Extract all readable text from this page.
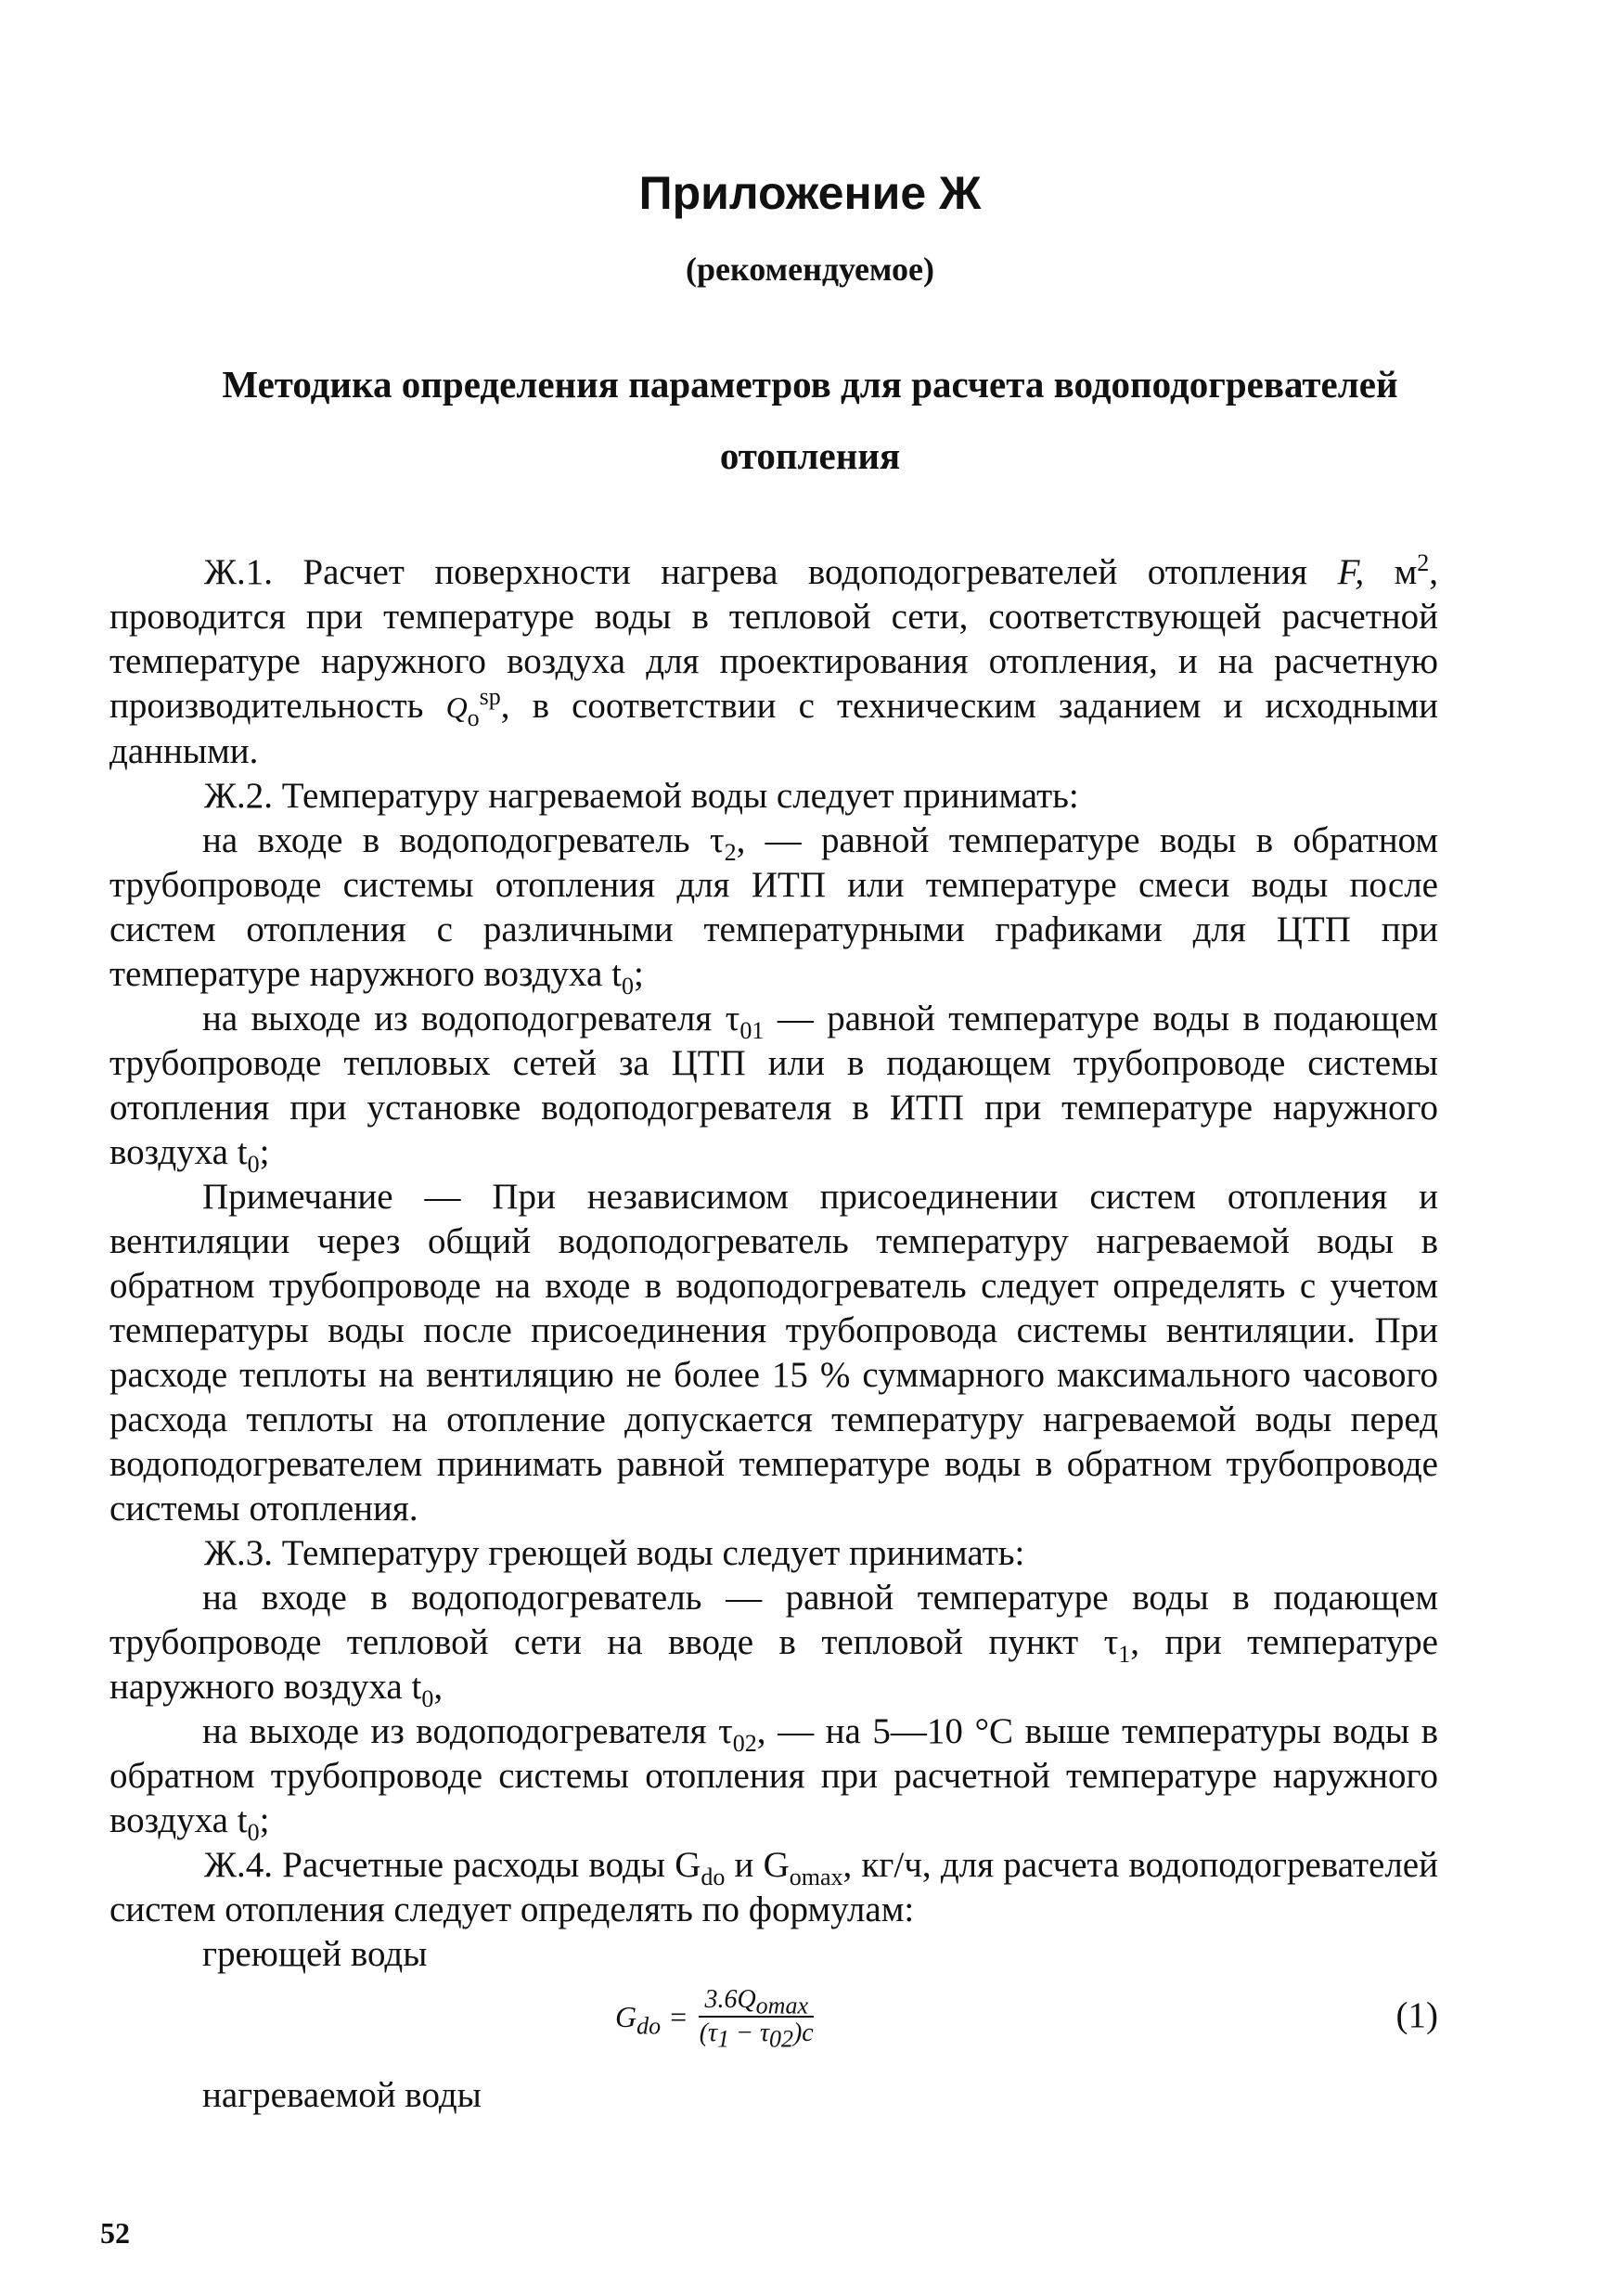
Приложение Ж
(рекомендуемое)
Методика определения параметров для расчета водоподогревателей
отопления

Ж.1. Расчет поверхности нагрева водоподогревателей отопления F, $м^2$, проводится при температуре воды в тепловой сети, соответствующей расчетной температуре наружного воздуха для проектирования отопления, и на расчетную производительность $Q_o^{sp}$, в соответствии с техническим заданием и исходными данными.

Ж.2. Температуру нагреваемой воды следует принимать:

на входе в водоподогреватель $\tau_2$, — равной температуре воды в обратном трубопроводе системы отопления для ИТП или температуре смеси воды после систем отопления с различными температурными графиками для ЦТП при температуре наружного воздуха $t_0$;

на выходе из водоподогревателя $\tau_{01}$ — равной температуре воды в подающем трубопроводе тепловых сетей за ЦТП или в подающем трубопроводе системы отопления при установке водоподогревателя в ИТП при температуре наружного воздуха $t_0$;

Примечание — При независимом присоединении систем отопления и вентиляции через общий водоподогреватель температуру нагреваемой воды в обратном трубопроводе на входе в водоподогреватель следует определять с учетом температуры воды после присоединения трубопровода системы вентиляции. При расходе теплоты на вентиляцию не более 15 % суммарного максимального часового расхода теплоты на отопление допускается температуру нагреваемой воды перед водоподогревателем принимать равной температуре воды в обратном трубопроводе системы отопления.

Ж.3. Температуру греющей воды следует принимать:

на входе в водоподогреватель — равной температуре воды в подающем трубопроводе тепловой сети на вводе в тепловой пункт $\tau_1$, при температуре наружного воздуха $t_0$,

на выходе из водоподогревателя $\tau_{02}$, — на 5—10 °С выше температуры воды в обратном трубопроводе системы отопления при расчетной температуре наружного воздуха $t_0$;

Ж.4. Расчетные расходы воды $G_{do}$ и $G_{omax}$, кг/ч, для расчета водоподогревателей систем отопления следует определять по формулам:

греющей воды

$G_{do} = \frac{3.6Qomax}{(\tau 1 - \tau 02)c}$	(1)

нагреваемой воды

52
